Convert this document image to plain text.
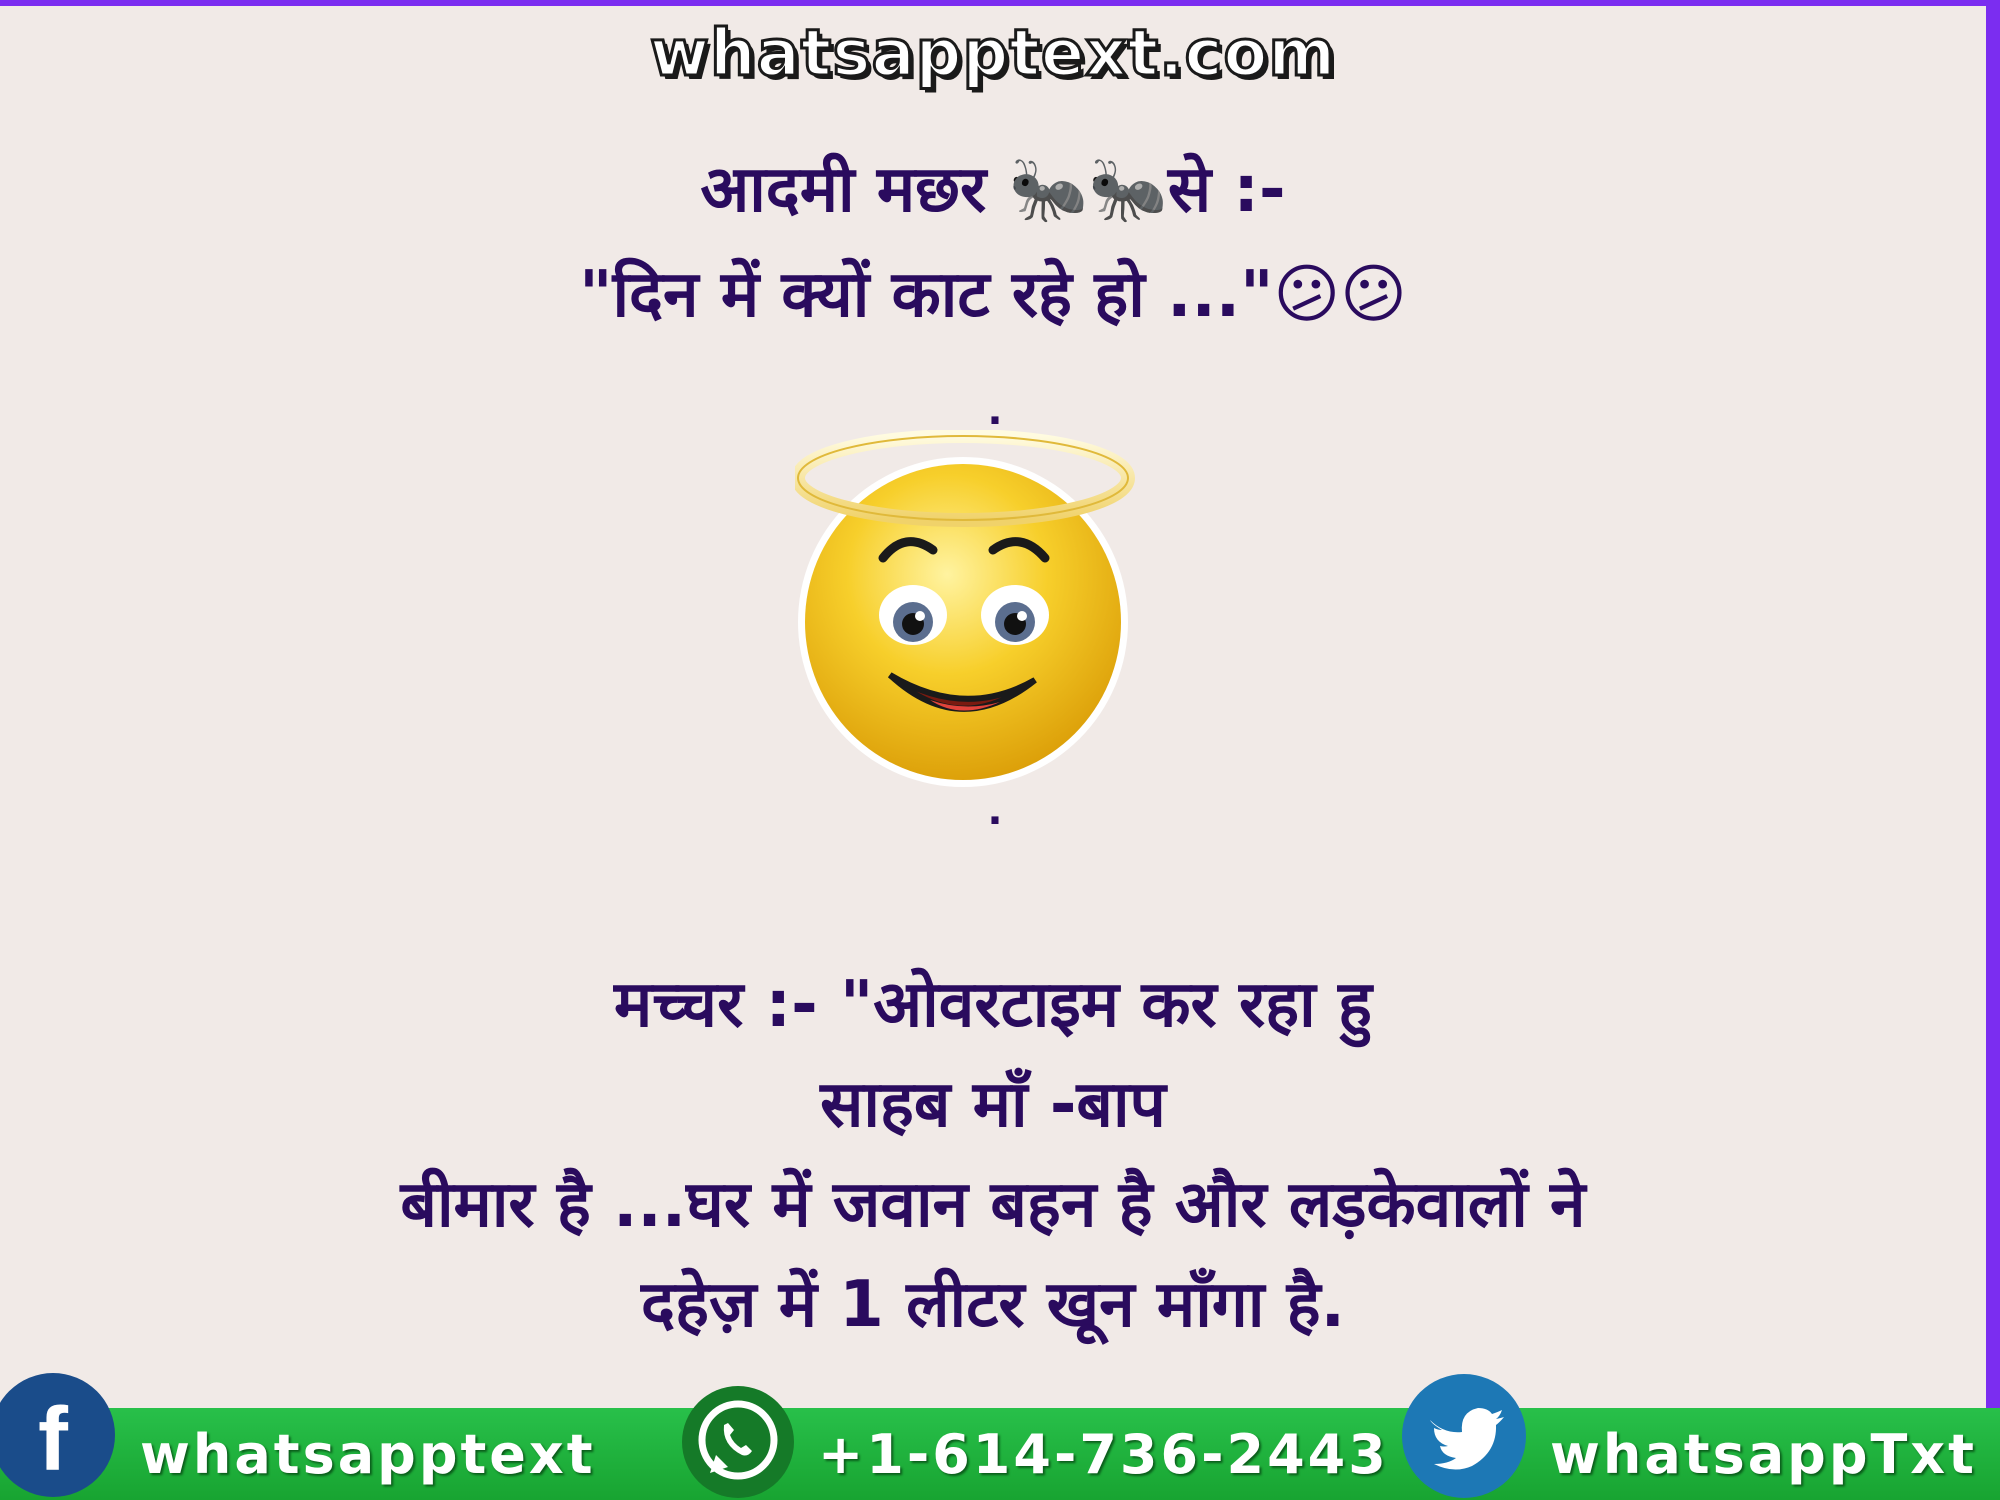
whatsapptext.com
आदमी मछर 🐜🐜से :-
"दिन में क्यों काट रहे हो ..."😕😕
.
.
मच्चर :- "ओवरटाइम कर रहा हु
साहब माँ -बाप
बीमार है ...घर में जवान बहन है और लड़केवालों ने
दहेज़ में 1 लीटर खून माँगा है.
f whatsapptext	+1-614-736-2443	whatsappTxt
